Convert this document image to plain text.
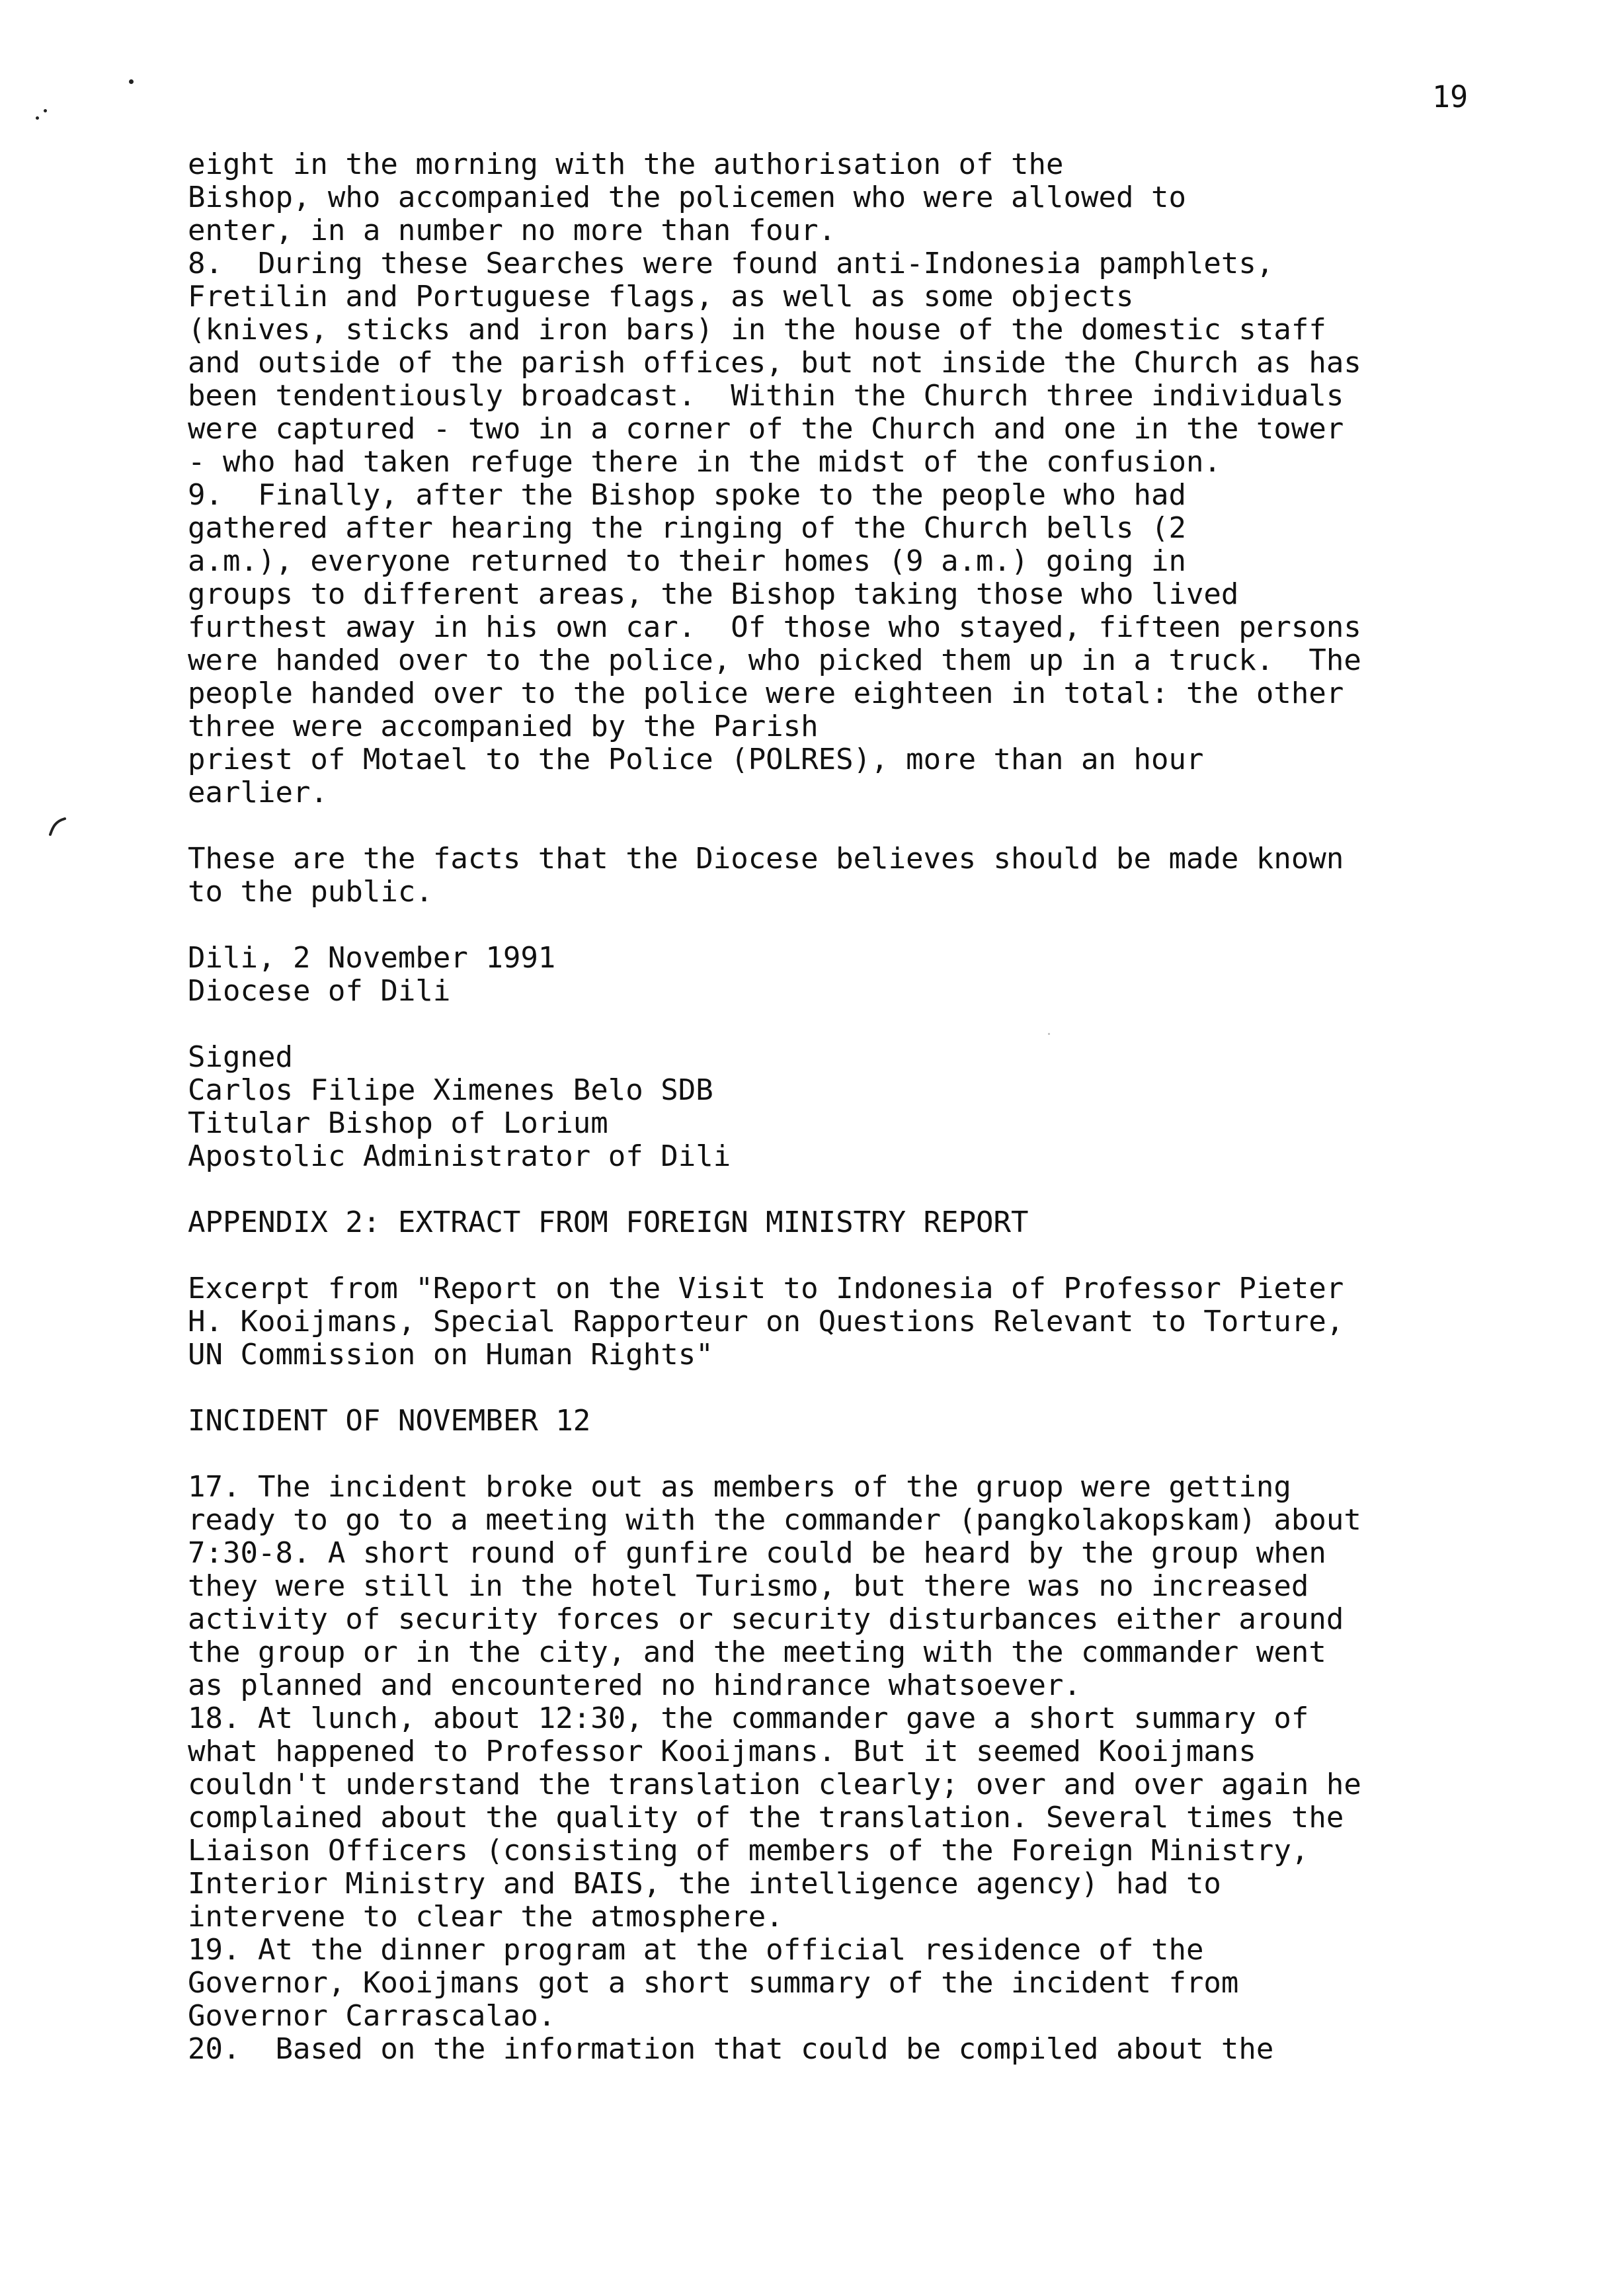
19
eight in the morning with the authorisation of the
Bishop, who accompanied the policemen who were allowed to
enter, in a number no more than four.
8.  During these Searches were found anti-Indonesia pamphlets,
Fretilin and Portuguese flags, as well as some objects
(knives, sticks and iron bars) in the house of the domestic staff
and outside of the parish offices, but not inside the Church as has
been tendentiously broadcast.  Within the Church three individuals
were captured - two in a corner of the Church and one in the tower
- who had taken refuge there in the midst of the confusion.
9.  Finally, after the Bishop spoke to the people who had
gathered after hearing the ringing of the Church bells (2
a.m.), everyone returned to their homes (9 a.m.) going in
groups to different areas, the Bishop taking those who lived
furthest away in his own car.  Of those who stayed, fifteen persons
were handed over to the police, who picked them up in a truck.  The
people handed over to the police were eighteen in total: the other
three were accompanied by the Parish
priest of Motael to the Police (POLRES), more than an hour
earlier.
These are the facts that the Diocese believes should be made known
to the public.
Dili, 2 November 1991
Diocese of Dili
Signed
Carlos Filipe Ximenes Belo SDB
Titular Bishop of Lorium
Apostolic Administrator of Dili
APPENDIX 2: EXTRACT FROM FOREIGN MINISTRY REPORT
Excerpt from "Report on the Visit to Indonesia of Professor Pieter
H. Kooijmans, Special Rapporteur on Questions Relevant to Torture,
UN Commission on Human Rights"
INCIDENT OF NOVEMBER 12
17. The incident broke out as members of the gruop were getting
ready to go to a meeting with the commander (pangkolakopskam) about
7:30-8. A short round of gunfire could be heard by the group when
they were still in the hotel Turismo, but there was no increased
activity of security forces or security disturbances either around
the group or in the city, and the meeting with the commander went
as planned and encountered no hindrance whatsoever.
18. At lunch, about 12:30, the commander gave a short summary of
what happened to Professor Kooijmans. But it seemed Kooijmans
couldn't understand the translation clearly; over and over again he
complained about the quality of the translation. Several times the
Liaison Officers (consisting of members of the Foreign Ministry,
Interior Ministry and BAIS, the intelligence agency) had to
intervene to clear the atmosphere.
19. At the dinner program at the official residence of the
Governor, Kooijmans got a short summary of the incident from
Governor Carrascalao.
20.  Based on the information that could be compiled about the
